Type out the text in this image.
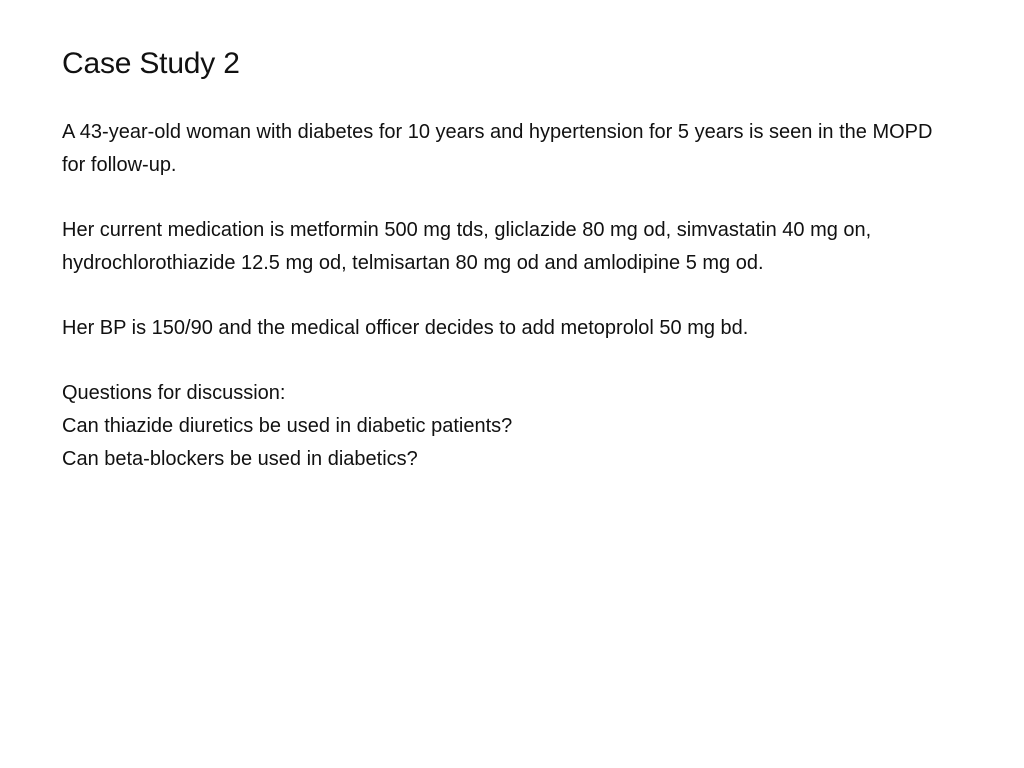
Case Study 2

A 43-year-old woman with diabetes for 10 years and hypertension for 5 years is seen in the MOPD for follow-up.

Her current medication is metformin 500 mg tds, gliclazide 80 mg od, simvastatin 40 mg on, hydrochlorothiazide 12.5 mg od, telmisartan 80 mg od and amlodipine 5 mg od.

Her BP is 150/90 and the medical officer decides to add metoprolol 50 mg bd.

Questions for discussion:

Can thiazide diuretics be used in diabetic patients?

Can beta-blockers be used in diabetics?
